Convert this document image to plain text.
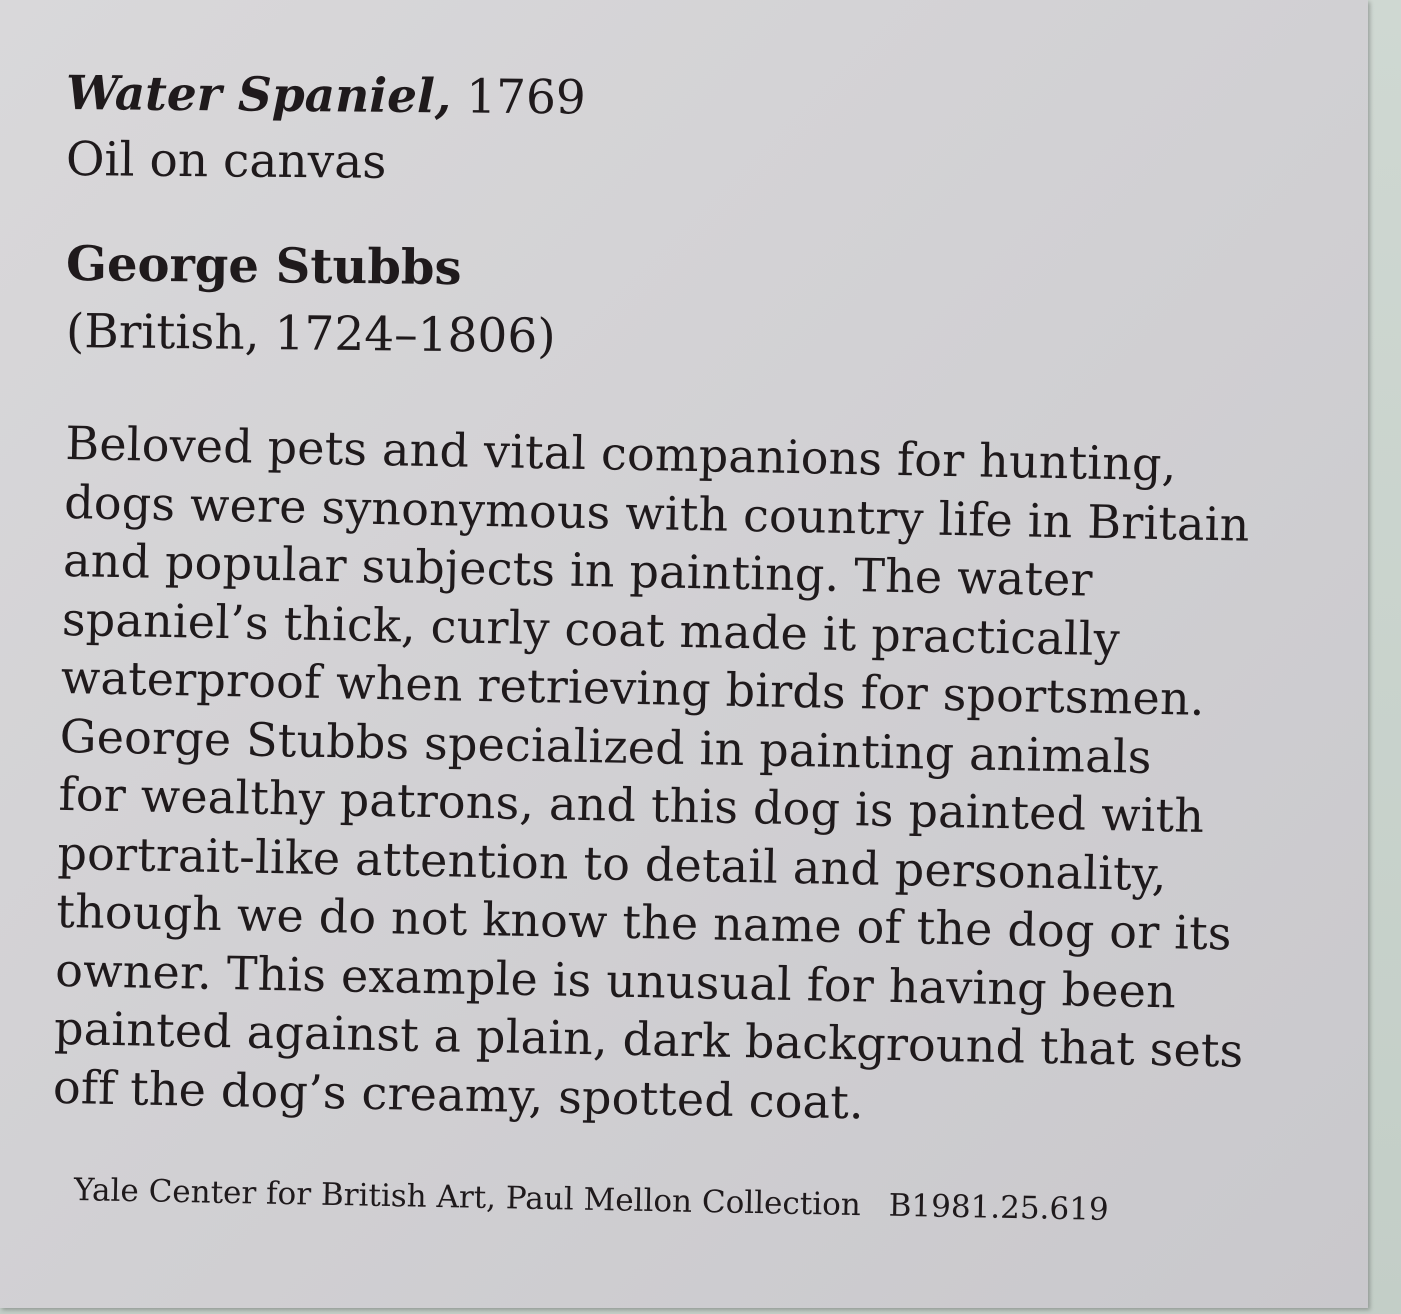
Water Spaniel, 1769
Oil on canvas
George Stubbs
(British, 1724–1806)
Beloved pets and vital companions for hunting,
dogs were synonymous with country life in Britain
and popular subjects in painting. The water
spaniel’s thick, curly coat made it practically
waterproof when retrieving birds for sportsmen.
George Stubbs specialized in painting animals
for wealthy patrons, and this dog is painted with
portrait-like attention to detail and personality,
though we do not know the name of the dog or its
owner. This example is unusual for having been
painted against a plain, dark background that sets
off the dog’s creamy, spotted coat.
Yale Center for British Art, Paul Mellon Collection B1981.25.619
